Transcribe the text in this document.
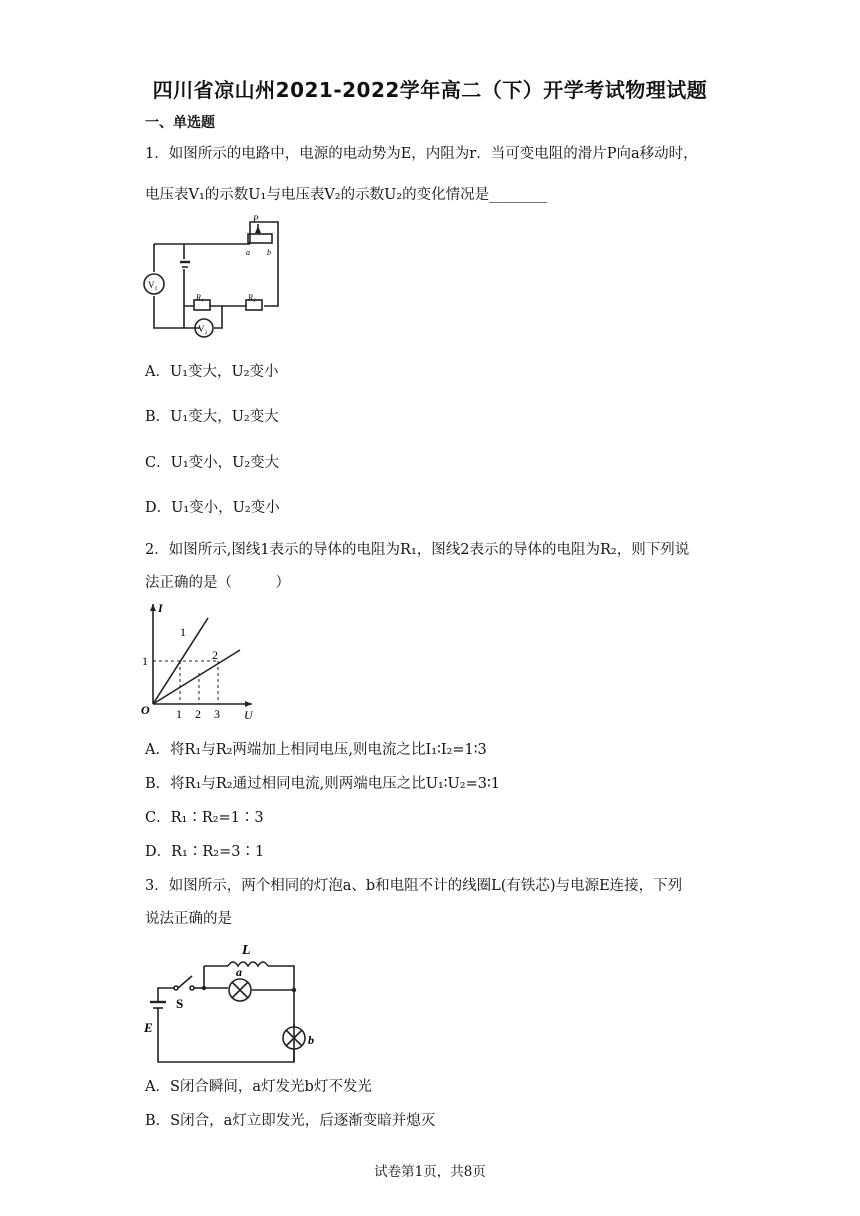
四川省凉山州2021-2022学年高二（下）开学考试物理试题
一、单选题
1．如图所示的电路中，电源的电动势为E，内阻为r．当可变电阻的滑片P向a移动时，
电压表V₁的示数U₁与电压表V₂的示数U₂的变化情况是________
P
a b
V₁
V₂
R₁	R₂
A．U₁变大，U₂变小
B．U₁变大，U₂变大
C．U₁变小，U₂变大
D．U₁变小，U₂变小
2．如图所示,图线1表示的导体的电阻为R₁，图线2表示的导体的电阻为R₂，则下列说
法正确的是（　　　）
I
U
O
1
2
1 2 3
1
A．将R₁与R₂两端加上相同电压,则电流之比I₁∶I₂=1∶3
B．将R₁与R₂通过相同电流,则两端电压之比U₁∶U₂=3∶1
C．R₁∶R₂=1∶3
D．R₁∶R₂=3∶1
3．如图所示，两个相同的灯泡a、b和电阻不计的线圈L(有铁芯)与电源E连接，下列
说法正确的是
L
a
b
S
E
A．S闭合瞬间，a灯发光b灯不发光
B．S闭合，a灯立即发光，后逐渐变暗并熄灭
试卷第1页，共8页
